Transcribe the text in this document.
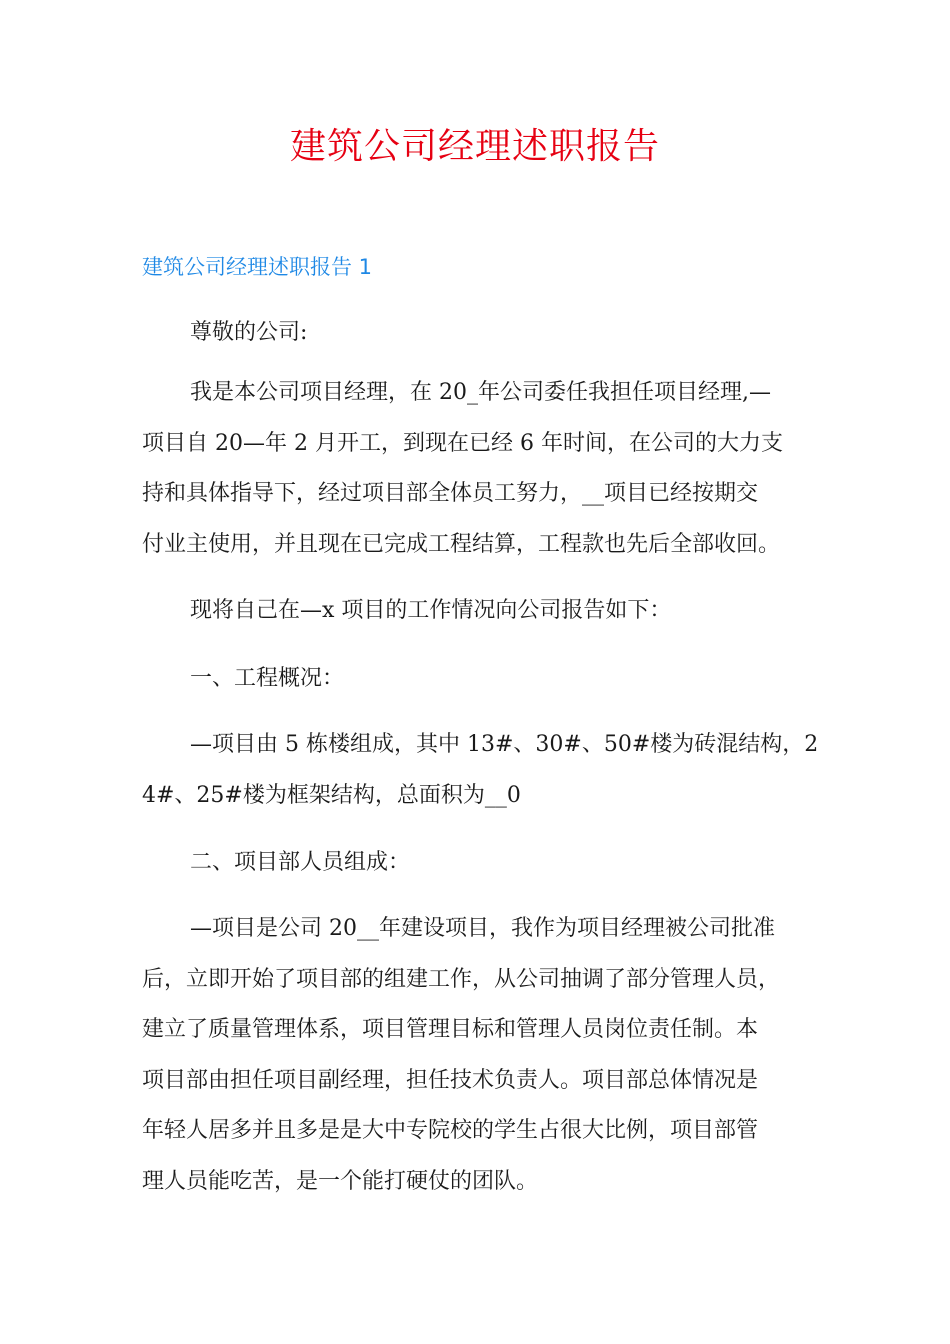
建筑公司经理述职报告
建筑公司经理述职报告 1
尊敬的公司:
我是本公司项目经理，在 20_年公司委任我担任项目经理,—
项目自 20—年 2 月开工，到现在已经 6 年时间，在公司的大力支
持和具体指导下，经过项目部全体员工努力，__项目已经按期交
付业主使用，并且现在已完成工程结算，工程款也先后全部收回。
现将自己在—x 项目的工作情况向公司报告如下：
一、工程概况：
—项目由 5 栋楼组成，其中 13#、30#、50#楼为砖混结构，2
4#、25#楼为框架结构，总面积为__0
二、项目部人员组成：
—项目是公司 20__年建设项目，我作为项目经理被公司批准
后，立即开始了项目部的组建工作，从公司抽调了部分管理人员，
建立了质量管理体系，项目管理目标和管理人员岗位责任制。本
项目部由担任项目副经理，担任技术负责人。项目部总体情况是
年轻人居多并且多是是大中专院校的学生占很大比例，项目部管
理人员能吃苦，是一个能打硬仗的团队。
